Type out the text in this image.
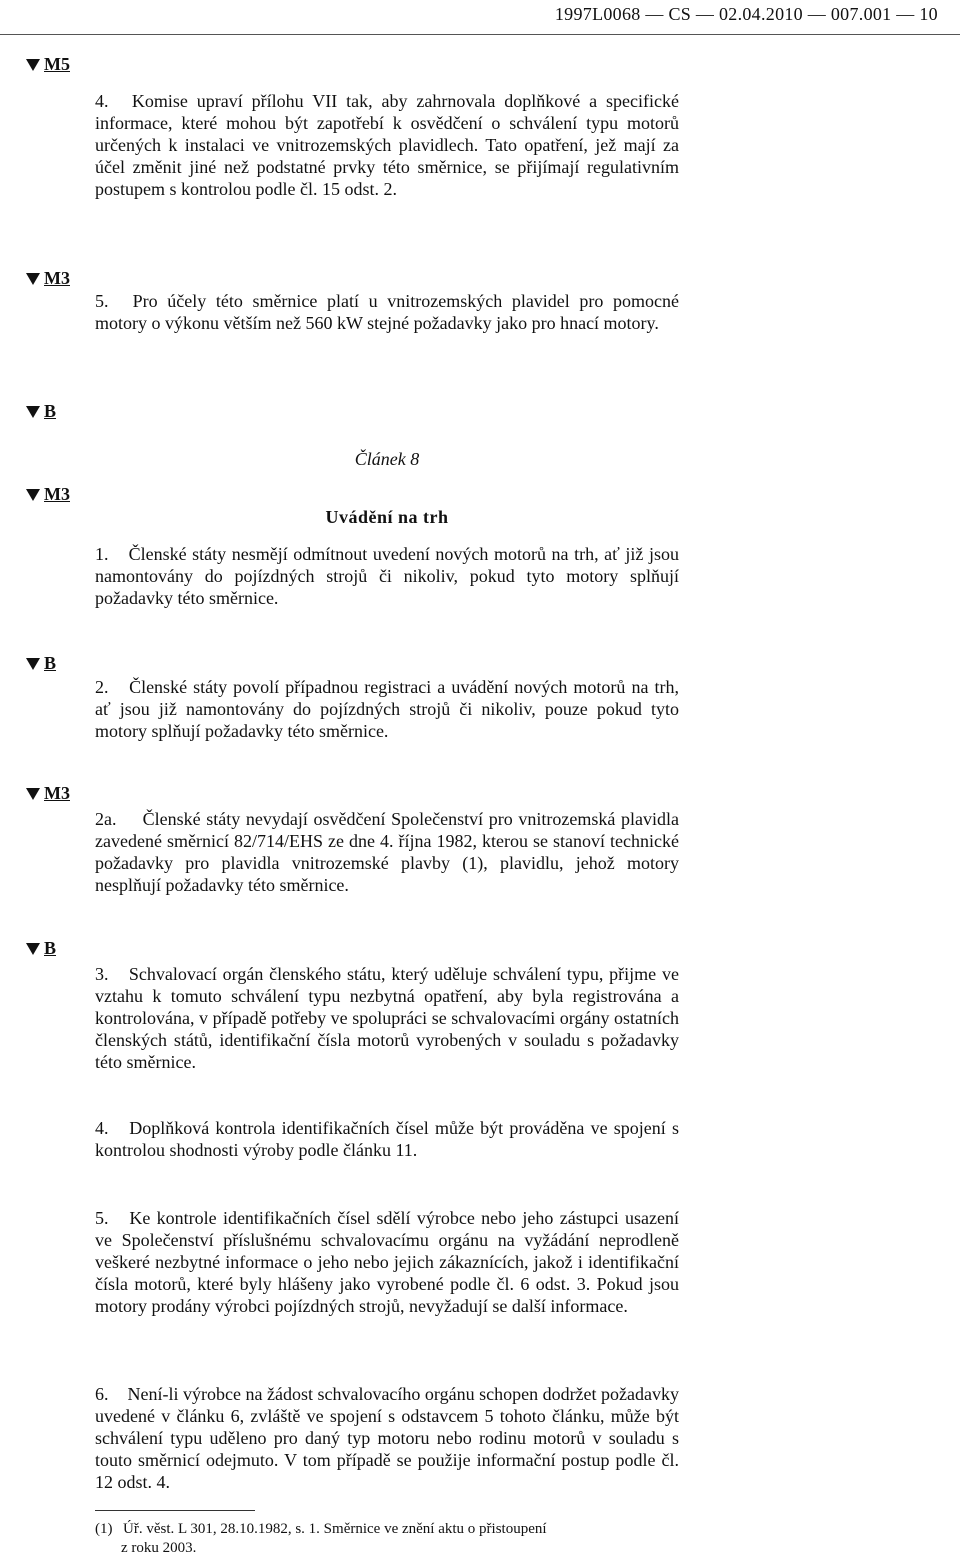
1997L0068 — CS — 02.04.2010 — 007.001 — 10
M5
M3
B
M3
B
M3
B
4. Komise upraví přílohu VII tak, aby zahrnovala doplňkové a specifické informace, které mohou být zapotřebí k osvědčení o schválení typu motorů určených k instalaci ve vnitrozemských plavidlech. Tato opatření, jež mají za účel změnit jiné než podstatné prvky této směrnice, se přijímají regulativním postupem s kontrolou podle čl. 15 odst. 2.
5. Pro účely této směrnice platí u vnitrozemských plavidel pro pomocné motory o výkonu větším než 560 kW stejné požadavky jako pro hnací motory.
Článek 8
Uvádění na trh
1. Členské státy nesmějí odmítnout uvedení nových motorů na trh, ať již jsou namontovány do pojízdných strojů či nikoliv, pokud tyto motory splňují požadavky této směrnice.
2. Členské státy povolí případnou registraci a uvádění nových motorů na trh, ať jsou již namontovány do pojízdných strojů či nikoliv, pouze pokud tyto motory splňují požadavky této směrnice.
2a. Členské státy nevydají osvědčení Společenství pro vnitrozemská plavidla zavedené směrnicí 82/714/EHS ze dne 4. října 1982, kterou se stanoví technické požadavky pro plavidla vnitrozemské plavby (1), plavidlu, jehož motory nesplňují požadavky této směrnice.
3. Schvalovací orgán členského státu, který uděluje schválení typu, přijme ve vztahu k tomuto schválení typu nezbytná opatření, aby byla registrována a kontrolována, v případě potřeby ve spolupráci se schvalovacími orgány ostatních členských států, identifikační čísla motorů vyrobených v souladu s požadavky této směrnice.
4. Doplňková kontrola identifikačních čísel může být prováděna ve spojení s kontrolou shodnosti výroby podle článku 11.
5. Ke kontrole identifikačních čísel sdělí výrobce nebo jeho zástupci usazení ve Společenství příslušnému schvalovacímu orgánu na vyžádání neprodleně veškeré nezbytné informace o jeho nebo jejich zákaznících, jakož i identifikační čísla motorů, které byly hlášeny jako vyrobené podle čl. 6 odst. 3. Pokud jsou motory prodány výrobci pojízdných strojů, nevyžadují se další informace.
6. Není-li výrobce na žádost schvalovacího orgánu schopen dodržet požadavky uvedené v článku 6, zvláště ve spojení s odstavcem 5 tohoto článku, může být schválení typu uděleno pro daný typ motoru nebo rodinu motorů v souladu s touto směrnicí odejmuto. V tom případě se použije informační postup podle čl. 12 odst. 4.
(1) Úř. věst. L 301, 28.10.1982, s. 1. Směrnice ve znění aktu o přistoupení
z roku 2003.
